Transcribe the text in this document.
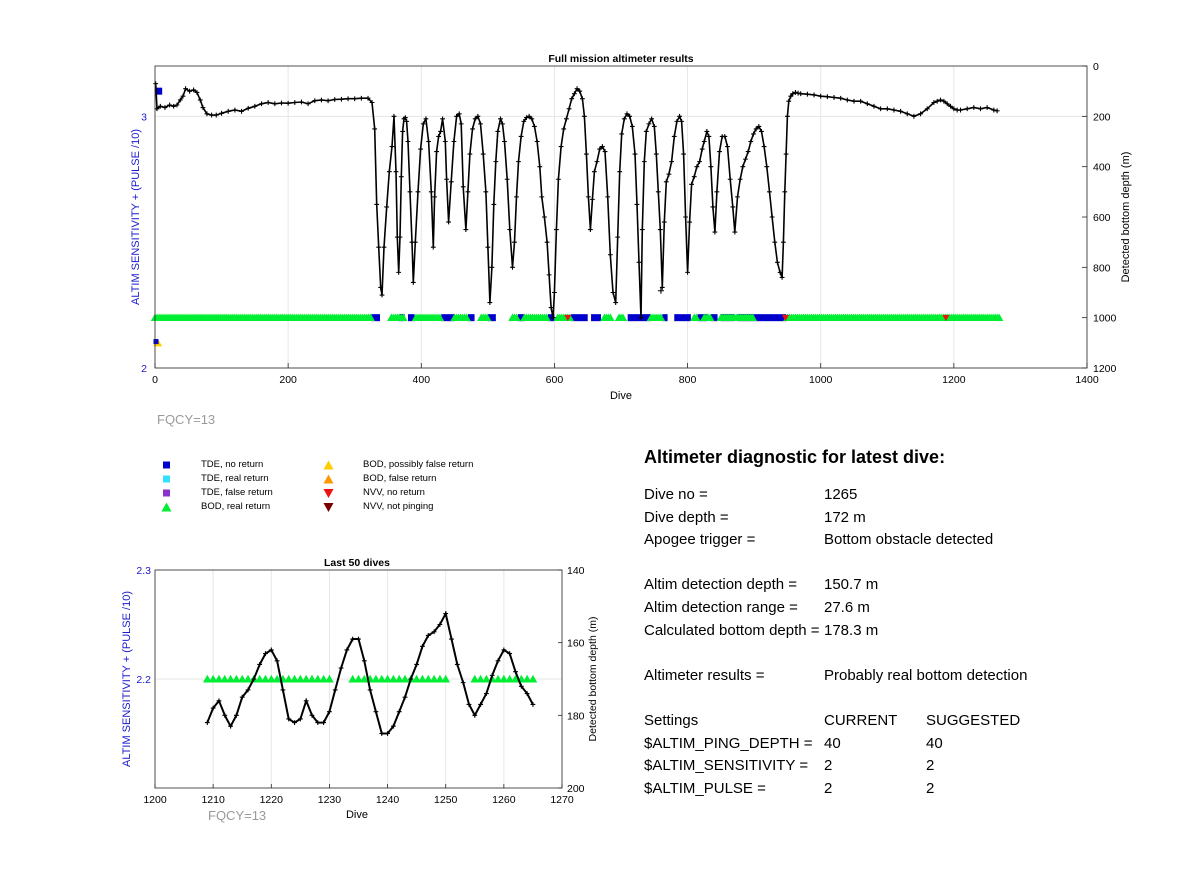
0	200	400	600	800	1000	1200	1400
2
3
0
200
400
600
800
1000
1200
Full mission altimeter results
Dive
ALTIM SENSITIVITY + (PULSE /10)	Detected bottom depth (m)
1200	1210	1220	1230	1240	1250	1260	1270
2.2
2.3	140
160
180
200
Last 50 dives
Dive
ALTIM SENSITIVITY + (PULSE /10)	Detected bottom depth (m)
FQCY=13
FQCY=13
TDE, no return
TDE, real return
TDE, false return
BOD, real return
BOD, possibly false return
BOD, false return
NVV, no return
NVV, not pinging
Altimeter diagnostic for latest dive:
Dive no =	1265
Dive depth =	172 m
Apogee trigger =	Bottom obstacle detected
Altim detection depth = 150.7 m
Altim detection range = 27.6 m
Calculated bottom depth = 178.3 m
Altimeter results =	Probably real bottom detection
Settings	CURRENT SUGGESTED
$ALTIM_PING_DEPTH = 40	40
$ALTIM_SENSITIVITY = 2	2
$ALTIM_PULSE =	2	2
